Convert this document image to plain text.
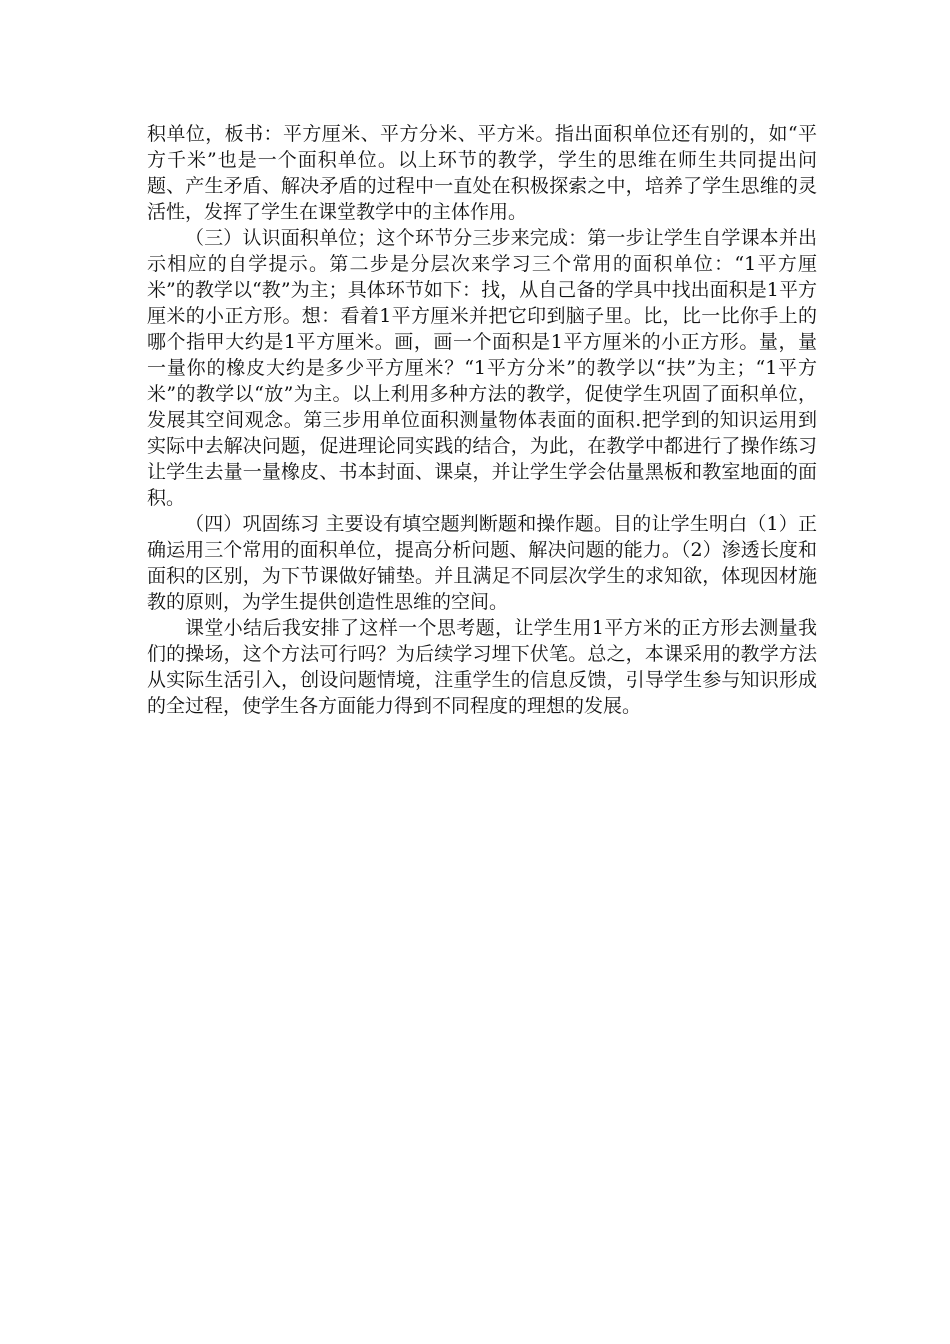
积单位，板书：平方厘米、平方分米、平方米。指出面积单位还有别的，如“平方千米”也是一个面积单位。以上环节的教学，学生的思维在师生共同提出问题、产生矛盾、解决矛盾的过程中一直处在积极探索之中，培养了学生思维的灵活性，发挥了学生在课堂教学中的主体作用。

（三）认识面积单位；这个环节分三步来完成：第一步让学生自学课本并出示相应的自学提示。第二步是分层次来学习三个常用的面积单位：“1平方厘米”的教学以“教”为主；具体环节如下：找，从自己备的学具中找出面积是1平方厘米的小正方形。想：看着1平方厘米并把它印到脑子里。比，比一比你手上的哪个指甲大约是1平方厘米。画，画一个面积是1平方厘米的小正方形。量，量一量你的橡皮大约是多少平方厘米？“1平方分米”的教学以“扶”为主；“1平方米”的教学以“放”为主。以上利用多种方法的教学，促使学生巩固了面积单位，发展其空间观念。第三步用单位面积测量物体表面的面积.把学到的知识运用到实际中去解决问题，促进理论同实践的结合，为此，在教学中都进行了操作练习让学生去量一量橡皮、书本封面、课桌，并让学生学会估量黑板和教室地面的面积。

（四）巩固练习 主要设有填空题判断题和操作题。目的让学生明白（1）正确运用三个常用的面积单位，提高分析问题、解决问题的能力。（2）渗透长度和面积的区别，为下节课做好铺垫。并且满足不同层次学生的求知欲，体现因材施教的原则，为学生提供创造性思维的空间。

课堂小结后我安排了这样一个思考题，让学生用1平方米的正方形去测量我们的操场，这个方法可行吗？为后续学习埋下伏笔。总之，本课采用的教学方法从实际生活引入，创设问题情境，注重学生的信息反馈，引导学生参与知识形成的全过程，使学生各方面能力得到不同程度的理想的发展。
